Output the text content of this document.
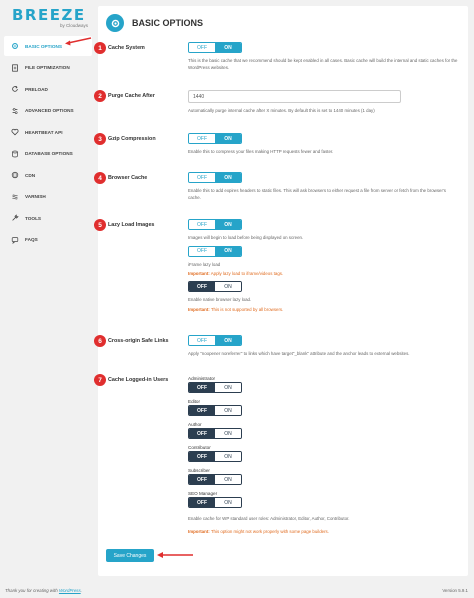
BREEZE
by Cloudways
BASIC OPTIONS
FILE OPTIMIZATION
PRELOAD
ADVANCED OPTIONS
HEARTBEAT API
DATABASE OPTIONS
CDN
VARNISH
TOOLS
FAQS
BASIC OPTIONS
1	Cache System	OFF	ON
This is the basic cache that we recommend should be kept enabled in all cases. Basic cache will build the internal and static caches for the WordPress websites.
2	Purge Cache After	1440
Automatically purge internal cache after X minutes. By default this is set to 1440 minutes (1 day)
3	Gzip Compression	OFF	ON
Enable this to compress your files making HTTP requests fewer and faster.
4	Browser Cache	OFF	ON
Enable this to add expires headers to static files. This will ask browsers to either request a file from server or fetch from the browser's cache.
5	Lazy Load Images	OFF	ON
Images will begin to load before being displayed on screen.
OFF	ON
iFrame lazy load
Important: Apply lazy load to iframe/videos tags.
OFF	ON
Enable native browser lazy load.
Important: This is not supported by all browsers.
6	Cross-origin Safe Links	OFF	ON
Apply "noopener noreferrer" to links which have target"_blank" attribute and the anchor leads to external websites.
7	Cache Logged-in Users	Administrator
OFF	ON
Editor
OFF	ON
Author
OFF	ON
Contributor
OFF	ON
Subscriber
OFF	ON
SEO Manager
OFF	ON
Enable cache for WP standard user roles: Administrator, Editor, Author, Contributor.
Important: This option might not work properly with some page builders.
Save Changes
Thank you for creating with WordPress.	Version 5.9.1
